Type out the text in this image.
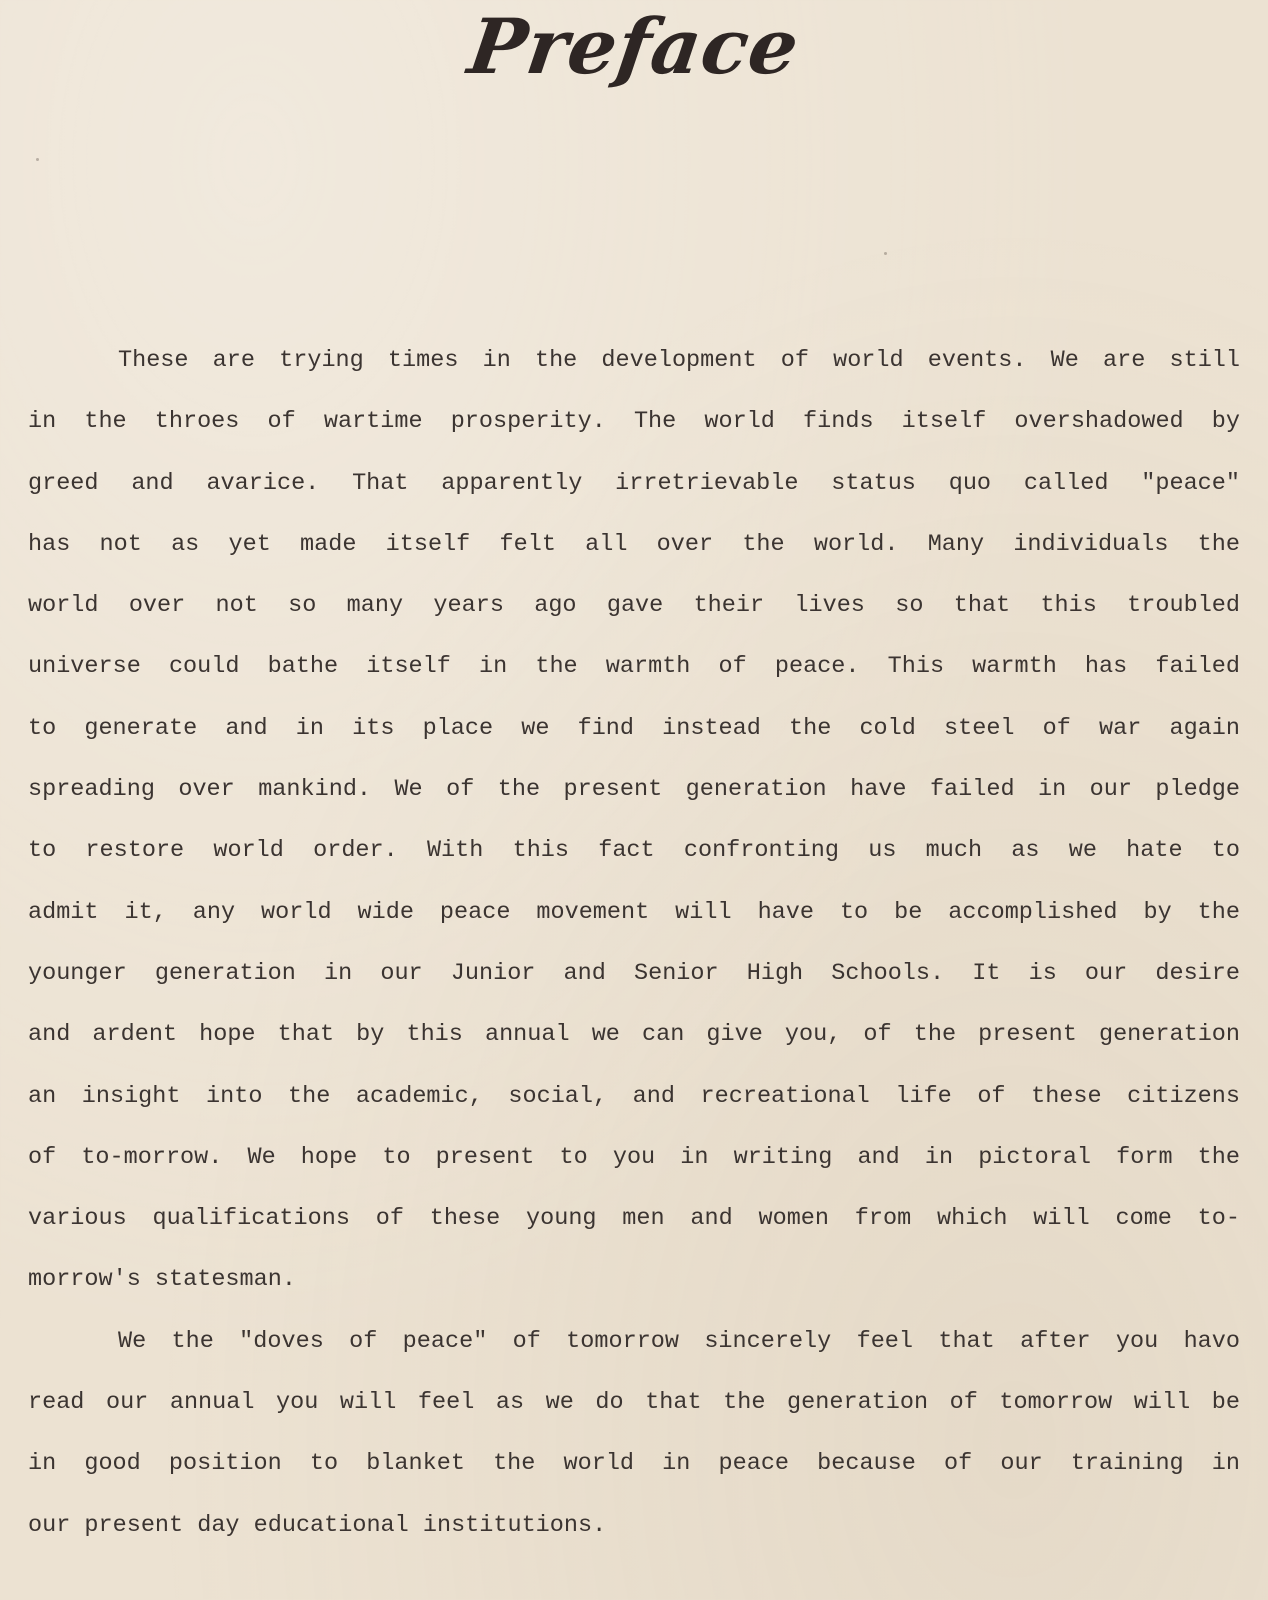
Preface
These are trying times in the development of world events. We are still
in the throes of wartime prosperity. The world finds itself overshadowed by
greed and avarice. That apparently irretrievable status quo called "peace"
has not as yet made itself felt all over the world. Many individuals the
world over not so many years ago gave their lives so that this troubled
universe could bathe itself in the warmth of peace. This warmth has failed
to generate and in its place we find instead the cold steel of war again
spreading over mankind. We of the present generation have failed in our pledge
to restore world order. With this fact confronting us much as we hate to
admit it, any world wide peace movement will have to be accomplished by the
younger generation in our Junior and Senior High Schools. It is our desire
and ardent hope that by this annual we can give you, of the present generation
an insight into the academic, social, and recreational life of these citizens
of to-morrow. We hope to present to you in writing and in pictoral form the
various qualifications of these young men and women from which will come to-
morrow's statesman.
We the "doves of peace" of tomorrow sincerely feel that after you havo
read our annual you will feel as we do that the generation of tomorrow will be
in good position to blanket the world in peace because of our training in
our present day educational institutions.
